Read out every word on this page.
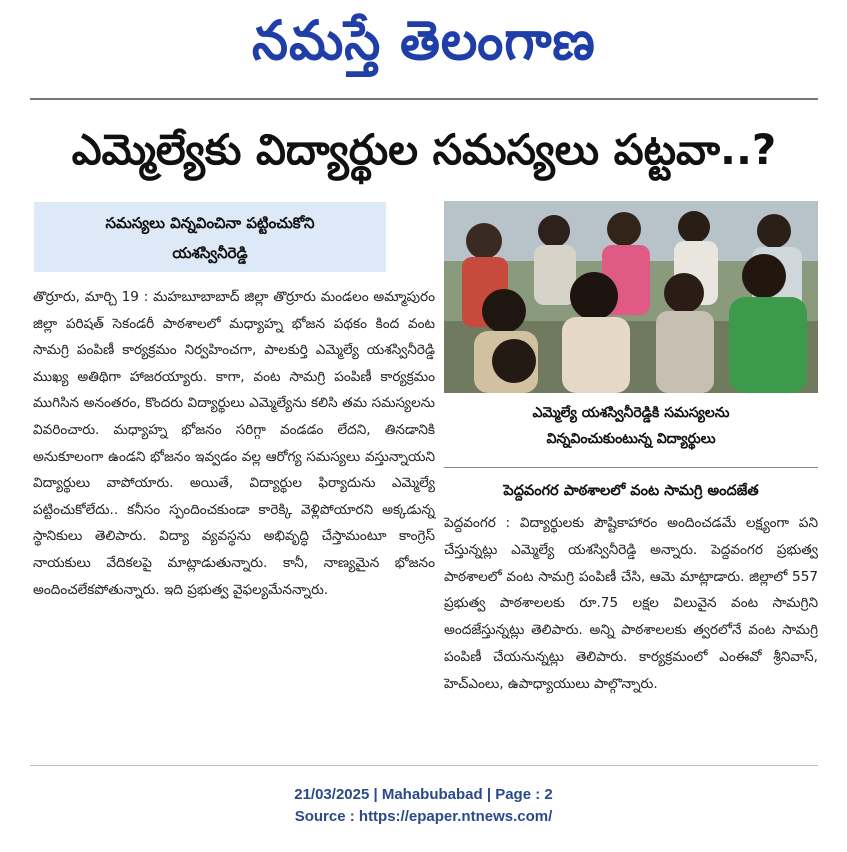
నమస్తే తెలంగాణ
ఎమ్మెల్యేకు విద్యార్థుల సమస్యలు పట్టవా..?
సమస్యలు విన్నవించినా పట్టించుకోని
యశస్వినీరెడ్డి
తొర్రూరు, మార్చి 19 : మహబూబాబాద్ జిల్లా తొర్రూరు మండలం అమ్మాపురం జిల్లా పరిషత్ సెకండరీ పాఠశాలలో మధ్యాహ్న భోజన పథకం కింద వంట సామగ్రి పంపిణీ కార్యక్రమం నిర్వహించగా, పాలకుర్తి ఎమ్మెల్యే యశస్వినీరెడ్డి ముఖ్య అతిథిగా హాజరయ్యారు. కాగా, వంట సామగ్రి పంపిణీ కార్యక్రమం ముగిసిన అనంతరం, కొందరు విద్యార్థులు ఎమ్మెల్యేను కలిసి తమ సమస్యలను వివరించారు. మధ్యాహ్న భోజనం సరిగ్గా వండడం లేదని, తినడానికి అనుకూలంగా ఉండని భోజనం ఇవ్వడం వల్ల ఆరోగ్య సమస్యలు వస్తున్నాయని విద్యార్థులు వాపోయారు. అయితే, విద్యార్థుల ఫిర్యాదును ఎమ్మెల్యే పట్టించుకోలేదు.. కనీసం స్పందించకుండా కారెక్కి వెళ్లిపోయారని అక్కడున్న స్థానికులు తెలిపారు. విద్యా వ్యవస్థను అభివృద్ధి చేస్తామంటూ కాంగ్రెస్ నాయకులు వేదికలపై మాట్లాడుతున్నారు. కానీ, నాణ్యమైన భోజనం అందించలేకపోతున్నారు. ఇది ప్రభుత్వ వైఫల్యమేనన్నారు.
ఎమ్మెల్యే యశస్వినీరెడ్డికి సమస్యలను
విన్నవించుకుంటున్న విద్యార్థులు
పెద్దవంగర పాఠశాలలో వంట సామగ్రి అందజేత
పెద్దవంగర : విద్యార్థులకు పౌష్టికాహారం అందించడమే లక్ష్యంగా పని చేస్తున్నట్లు ఎమ్మెల్యే యశస్వినీరెడ్డి అన్నారు. పెద్దవంగర ప్రభుత్వ పాఠశాలలో వంట సామగ్రి పంపిణీ చేసి, ఆమె మాట్లాడారు. జిల్లాలో 557 ప్రభుత్వ పాఠశాలలకు రూ.75 లక్షల విలువైన వంట సామగ్రిని అందజేస్తున్నట్లు తెలిపారు. అన్ని పాఠశాలలకు త్వరలోనే వంట సామగ్రి పంపిణీ చేయనున్నట్లు తెలిపారు. కార్యక్రమంలో ఎంఈవో శ్రీనివాస్, హెచ్ఎంలు, ఉపాధ్యాయులు పాల్గొన్నారు.
21/03/2025 | Mahabubabad | Page : 2
Source : https://epaper.ntnews.com/
